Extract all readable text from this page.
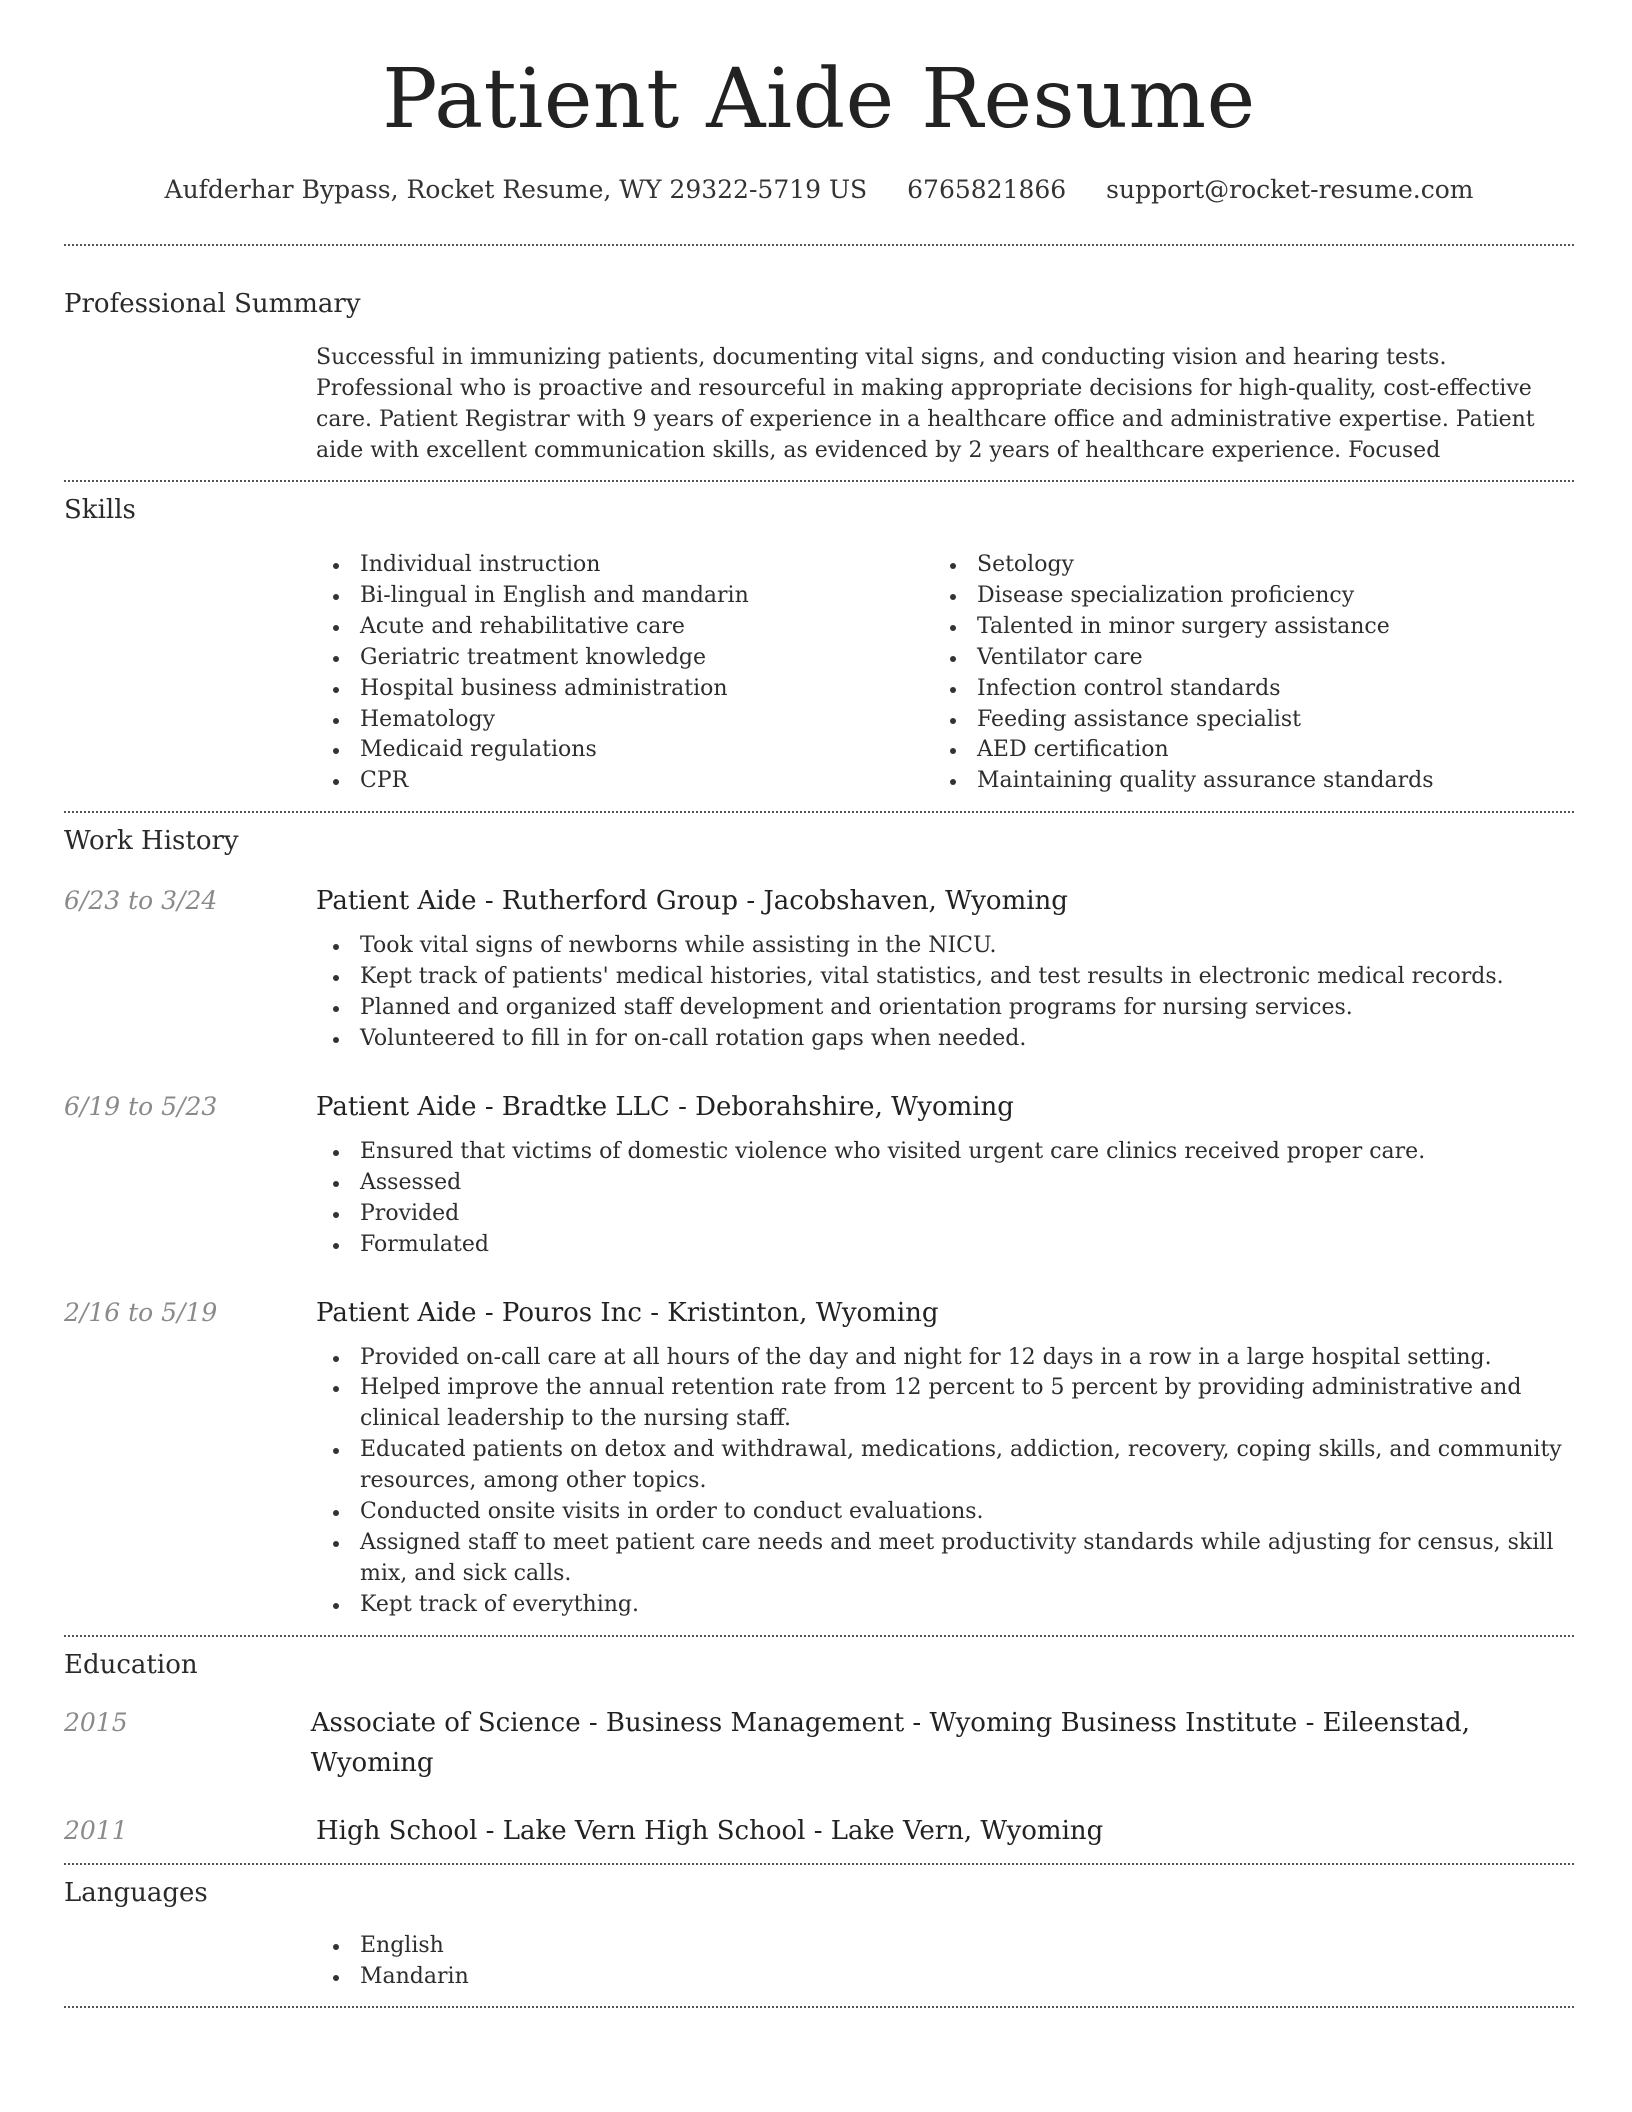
Patient Aide Resume
Aufderhar Bypass, Rocket Resume, WY 29322-5719 US 6765821866 support@rocket-resume.com
Professional Summary
Successful in immunizing patients, documenting vital signs, and conducting vision and hearing tests. Professional who is proactive and resourceful in making appropriate decisions for high-quality, cost-effective care. Patient Registrar with 9 years of experience in a healthcare office and administrative expertise. Patient aide with excellent communication skills, as evidenced by 2 years of healthcare experience. Focused
Skills
Individual instruction
Bi-lingual in English and mandarin
Acute and rehabilitative care
Geriatric treatment knowledge
Hospital business administration
Hematology
Medicaid regulations
CPR
Setology
Disease specialization proficiency
Talented in minor surgery assistance
Ventilator care
Infection control standards
Feeding assistance specialist
AED certification
Maintaining quality assurance standards
Work History
6/23 to 3/24	Patient Aide - Rutherford Group - Jacobshaven, Wyoming
Took vital signs of newborns while assisting in the NICU.
Kept track of patients' medical histories, vital statistics, and test results in electronic medical records.
Planned and organized staff development and orientation programs for nursing services.
Volunteered to fill in for on-call rotation gaps when needed.
6/19 to 5/23	Patient Aide - Bradtke LLC - Deborahshire, Wyoming
Ensured that victims of domestic violence who visited urgent care clinics received proper care.
Assessed
Provided
Formulated
2/16 to 5/19	Patient Aide - Pouros Inc - Kristinton, Wyoming
Provided on-call care at all hours of the day and night for 12 days in a row in a large hospital setting.
Helped improve the annual retention rate from 12 percent to 5 percent by providing administrative and clinical leadership to the nursing staff.
Educated patients on detox and withdrawal, medications, addiction, recovery, coping skills, and community resources, among other topics.
Conducted onsite visits in order to conduct evaluations.
Assigned staff to meet patient care needs and meet productivity standards while adjusting for census, skill mix, and sick calls.
Kept track of everything.
Education
2015	Associate of Science - Business Management - Wyoming Business Institute - Eileenstad, Wyoming
2011	High School - Lake Vern High School - Lake Vern, Wyoming
Languages
English
Mandarin
